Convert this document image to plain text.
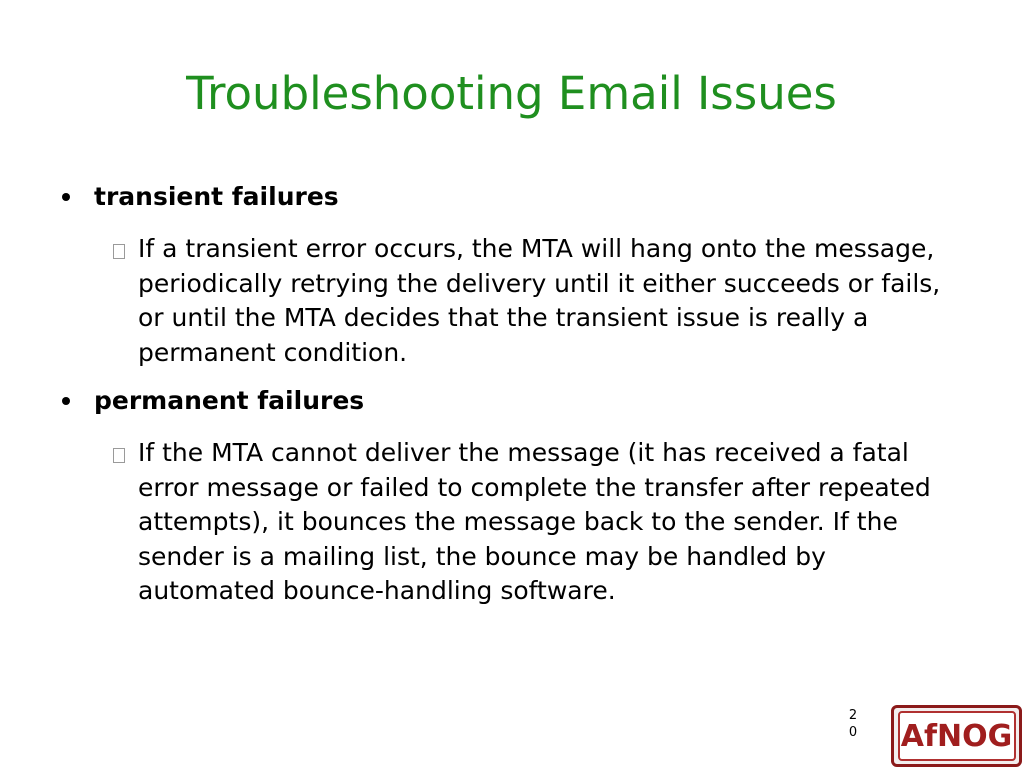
Troubleshooting Email Issues
transient failures
If a transient error occurs, the MTA will hang onto the message, periodically retrying the delivery until it either succeeds or fails, or until the MTA decides that the transient issue is really a permanent condition.
permanent failures
If the MTA cannot deliver the message (it has received a fatal error message or failed to complete the transfer after repeated attempts), it bounces the message back to the sender. If the sender is a mailing list, the bounce may be handled by automated bounce-handling software.
20 AfNOG
